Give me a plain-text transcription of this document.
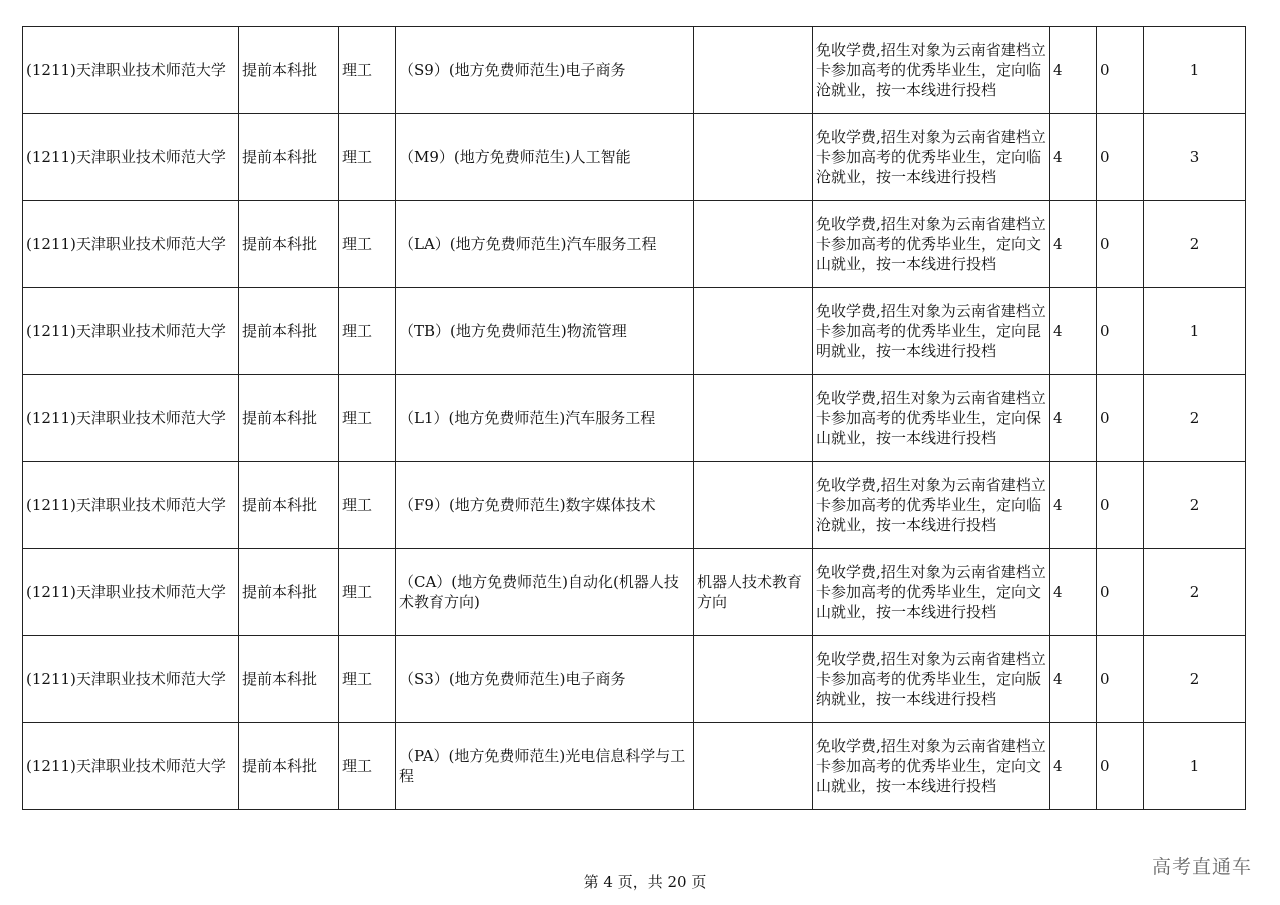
(1211)天津职业技术师范大学	提前本科批	理工	（S9）(地方免费师范生)电子商务		免收学费,招生对象为云南省建档立卡参加高考的优秀毕业生，定向临沧就业，按一本线进行投档	4	0	1
(1211)天津职业技术师范大学	提前本科批	理工	（M9）(地方免费师范生)人工智能		免收学费,招生对象为云南省建档立卡参加高考的优秀毕业生，定向临沧就业，按一本线进行投档	4	0	3
(1211)天津职业技术师范大学	提前本科批	理工	（LA）(地方免费师范生)汽车服务工程		免收学费,招生对象为云南省建档立卡参加高考的优秀毕业生，定向文山就业，按一本线进行投档	4	0	2
(1211)天津职业技术师范大学	提前本科批	理工	（TB）(地方免费师范生)物流管理		免收学费,招生对象为云南省建档立卡参加高考的优秀毕业生，定向昆明就业，按一本线进行投档	4	0	1
(1211)天津职业技术师范大学	提前本科批	理工	（L1）(地方免费师范生)汽车服务工程		免收学费,招生对象为云南省建档立卡参加高考的优秀毕业生，定向保山就业，按一本线进行投档	4	0	2
(1211)天津职业技术师范大学	提前本科批	理工	（F9）(地方免费师范生)数字媒体技术		免收学费,招生对象为云南省建档立卡参加高考的优秀毕业生，定向临沧就业，按一本线进行投档	4	0	2
(1211)天津职业技术师范大学	提前本科批	理工	（CA）(地方免费师范生)自动化(机器人技术教育方向)	机器人技术教育方向	免收学费,招生对象为云南省建档立卡参加高考的优秀毕业生，定向文山就业，按一本线进行投档	4	0	2
(1211)天津职业技术师范大学	提前本科批	理工	（S3）(地方免费师范生)电子商务		免收学费,招生对象为云南省建档立卡参加高考的优秀毕业生，定向版纳就业，按一本线进行投档	4	0	2
(1211)天津职业技术师范大学	提前本科批	理工	（PA）(地方免费师范生)光电信息科学与工程		免收学费,招生对象为云南省建档立卡参加高考的优秀毕业生，定向文山就业，按一本线进行投档	4	0	1
第 4 页，共 20 页
高考直通车
